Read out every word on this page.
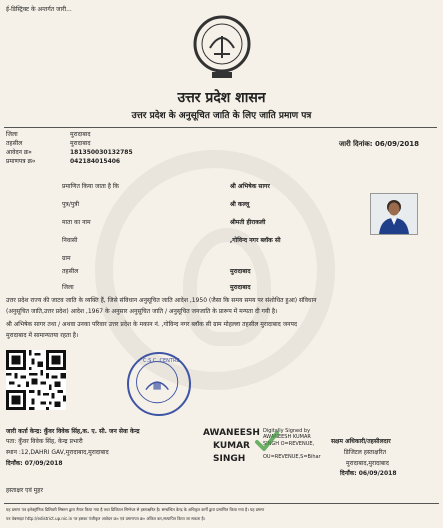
ई-डिस्ट्रिक्ट के अन्तर्गत जारी...
उत्तर प्रदेश शासन
उत्तर प्रदेश के अनुसूचित जाति के लिए जाति प्रमाण पत्र
जिला	मुरादाबाद
तहसील	मुरादाबाद
आवेदन क्र०	181350030132785
प्रमाणपत्र क्र०	042184015406
जारी दिनांक: 06/09/2018
प्रमाणित किया जाता है कि	श्री अभिषेक सागर
पुत्र/पुत्री	श्री कल्लू
माता का नाम	श्रीमती हीराकली
निवासी	,गोविन्द नगर ब्लॉक सी
ग्राम
तहसील	मुरादाबाद
जिला	मुरादाबाद
उत्तर प्रदेश राज्य की जाटव जाति के व्यक्ति हैं, जिसे संविधान अनुसूचित जाति आदेश ,1950 (जैसा कि समय समय पर संशोधित हुआ) संविधान
(अनुसूचित जाति,उत्तर प्रदेश) आदेश ,1967 के अनुसार अनुसूचित जाति / अनुसूचित जनजाति के प्रारूप में मन्यता दी गयी है।
श्री अभिषेक सागर तथा / अथवा उनका परिवार उत्तर प्रदेश के मकान नं. ,गोविन्द नगर ब्लॉक सी ग्राम मोहल्ला तहसील मुरादाबाद जनपद
मुरादाबाद में सामान्यतया रहता है।
C.S.C. CENTRE
जारी कर्ता केन्द्र: कुँवर विवेक सिंह,क. ए. सी. जन सेवा केन्द्र
पता: कुँवर विवेक सिंह, केन्द्र प्रभारी
स्थान :12,DAHRI GAV,मुरादाबाद,मुरादाबाद
दिनाँक: 07/09/2018
AWANEESH
KUMAR
SINGH
Digitally Signed by
AWANEESH KUMAR
SINGH O=REVENUE,
OU=REVENUE,S=Bihar
सक्षम अधिकारी/तहसीलदार
डिजिटल हस्ताक्षरित
मुरादाबाद,मुरादाबाद
दिनाँक: 06/09/2018
हस्ताक्षर एवं मुहर
यह प्रमाण पत्र इलेक्ट्रॉनिक डिलिवरी सिस्टम द्वारा तैयार किया गया है तथा डिजिटल सिग्नेचर से हस्ताक्षरित है। सम्बन्धित केन्द्र के अधिकृत कर्मी द्वारा प्रमाणित किया गया है। यह प्रमाण
पत्र वेबसाइट http://edistrict.up.nic.in पर इसका पंजीकृत आवेदन क्र० एवं प्रमाणपत्र क्र० अंकित कर,सत्यापित किया जा सकता है।
